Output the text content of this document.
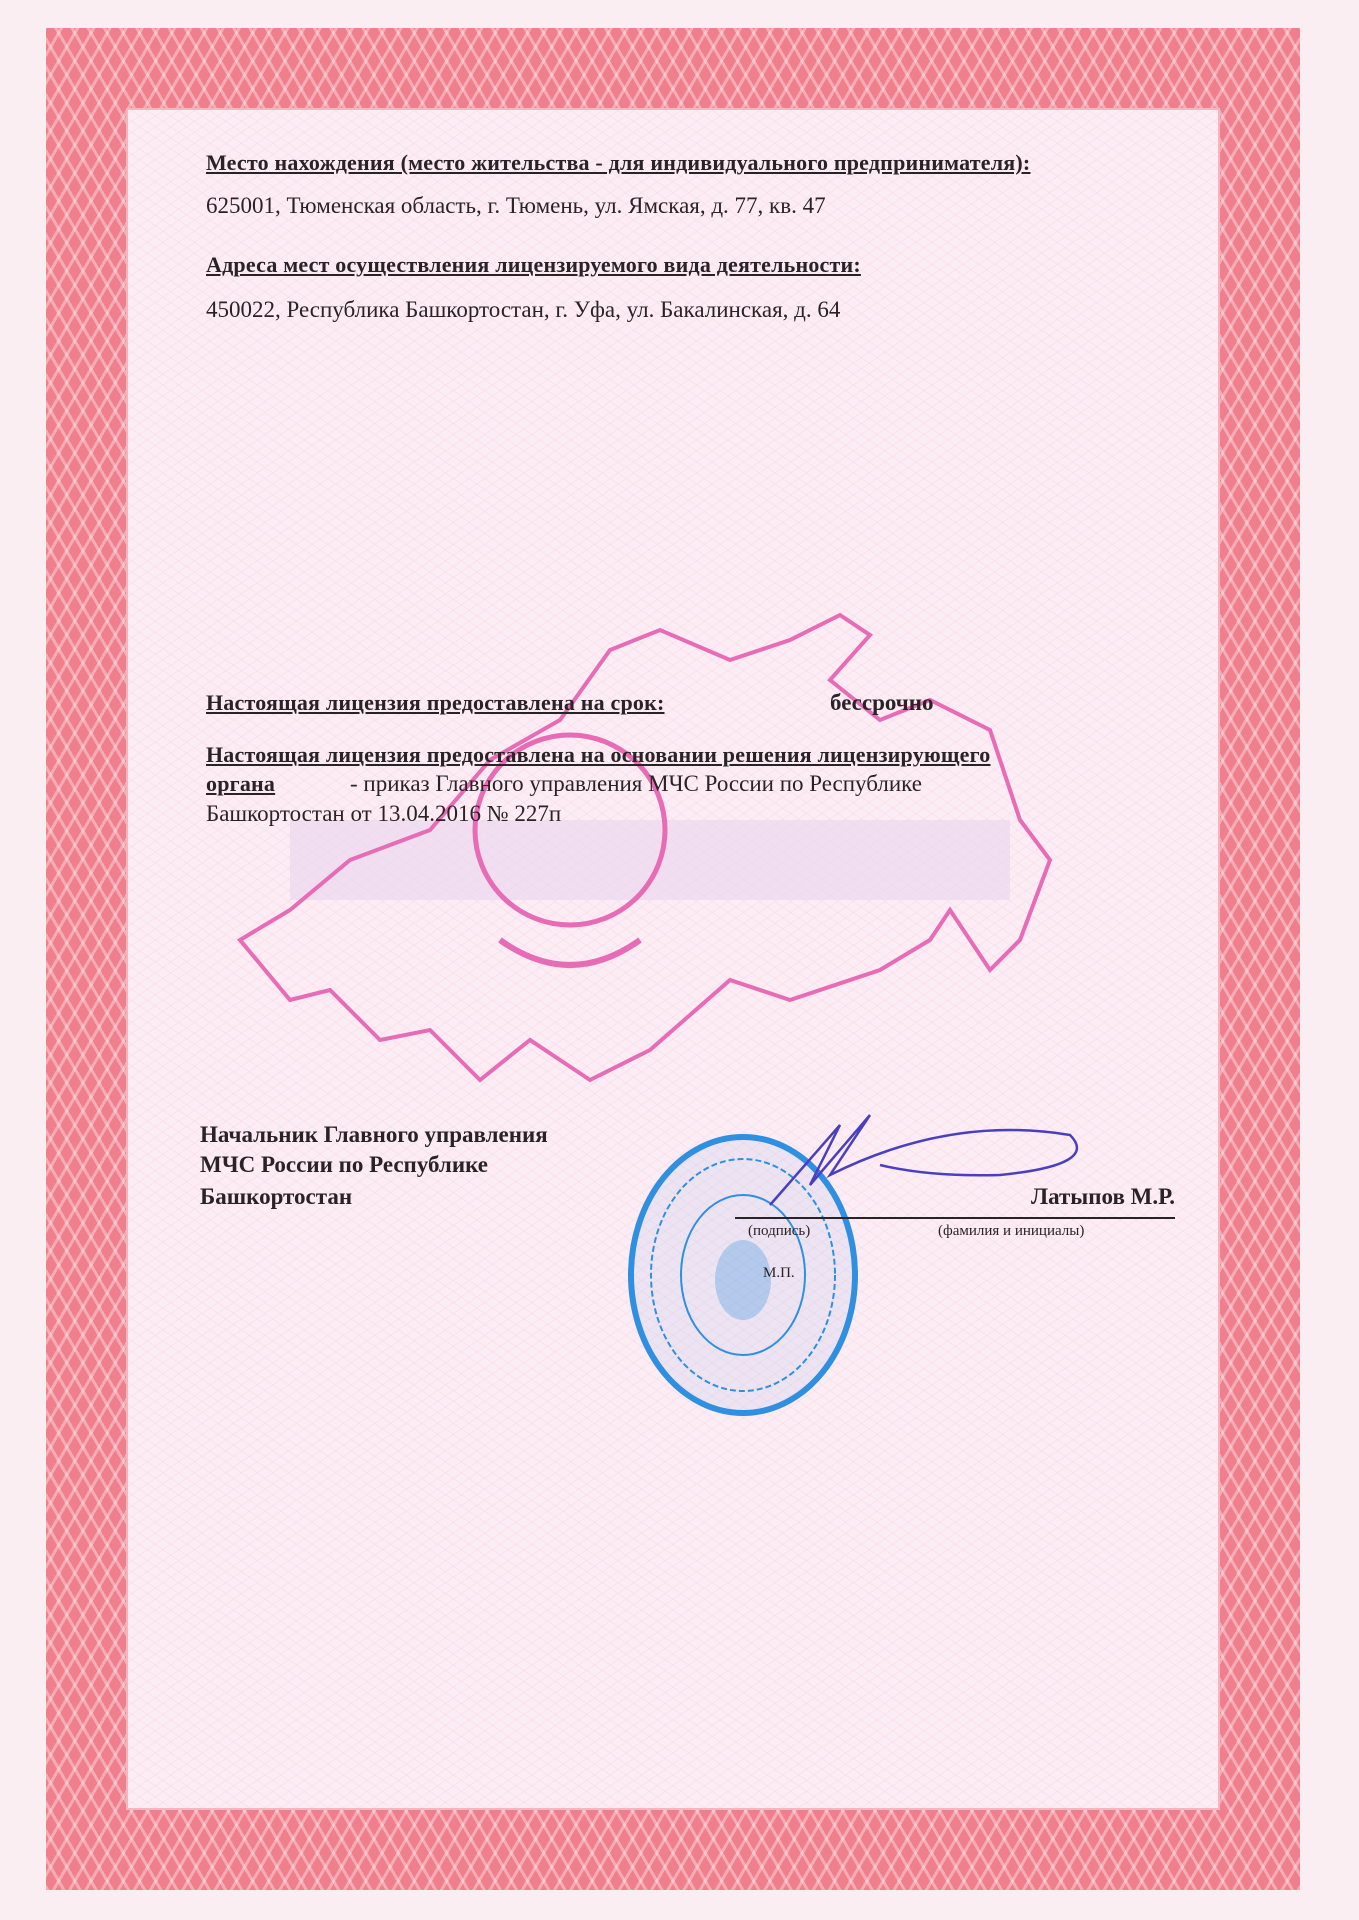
Место нахождения (место жительства - для индивидуального предпринимателя):
625001, Тюменская область, г. Тюмень, ул. Ямская, д. 77, кв. 47
Адреса мест осуществления лицензируемого вида деятельности:
450022, Республика Башкортостан, г. Уфа, ул. Бакалинская, д. 64
Настоящая лицензия предоставлена на срок:	бессрочно
Настоящая лицензия предоставлена на основании решения лицензирующего
органа	- приказ Главного управления МЧС России по Республике
Башкортостан от 13.04.2016 № 227п
Начальник Главного управления
МЧС России по Республике
Башкортостан	Латыпов М.Р.
(подпись)	(фамилия и инициалы)
М.П.
